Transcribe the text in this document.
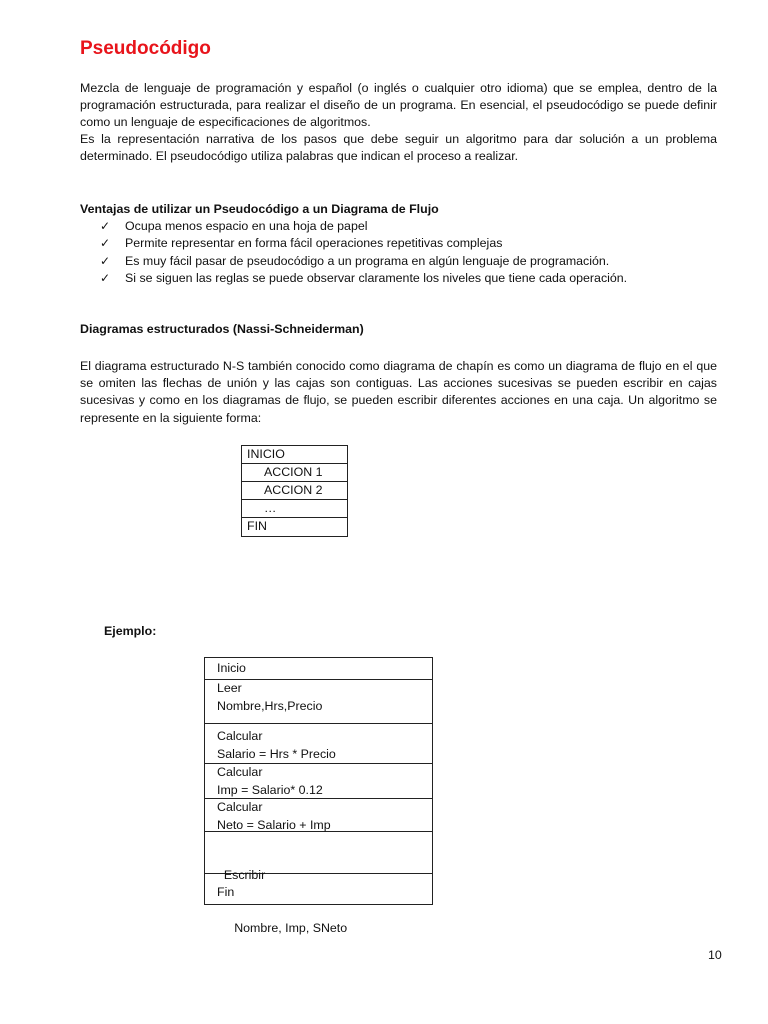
Pseudocódigo

Mezcla de lenguaje de programación y español (o inglés o cualquier otro idioma) que se emplea, dentro de la programación estructurada, para realizar el diseño de un programa. En esencial, el pseudocódigo se puede definir como un lenguaje de especificaciones de algoritmos.

Es la representación narrativa de los pasos que debe seguir un algoritmo para dar solución a un problema determinado. El pseudocódigo utiliza palabras que indican el proceso a realizar.

Ventajas de utilizar un Pseudocódigo a un Diagrama de Flujo
✓	Ocupa menos espacio en una hoja de papel
✓	Permite representar en forma fácil operaciones repetitivas complejas
✓	Es muy fácil pasar de pseudocódigo a un programa en algún lenguaje de programación.
✓	Si se siguen las reglas se puede observar claramente los niveles que tiene cada operación.
Diagramas estructurados (Nassi-Schneiderman)

El diagrama estructurado N-S también conocido como diagrama de chapín es como un diagrama de flujo en el que se omiten las flechas de unión y las cajas son contiguas. Las acciones sucesivas se pueden escribir en cajas sucesivas y como en los diagramas de flujo, se pueden escribir diferentes acciones en una caja. Un algoritmo se represente en la siguiente forma:

INICIO
ACCION 1
ACCION 2
…
FIN
Ejemplo:
Inicio
Leer
Nombre,Hrs,Precio
Calcular
Salario = Hrs * Precio
Calcular
Imp = Salario* 0.12
Calcular
Neto = Salario + Imp

Escribir

Nombre, Imp, SNeto

Fin
10
